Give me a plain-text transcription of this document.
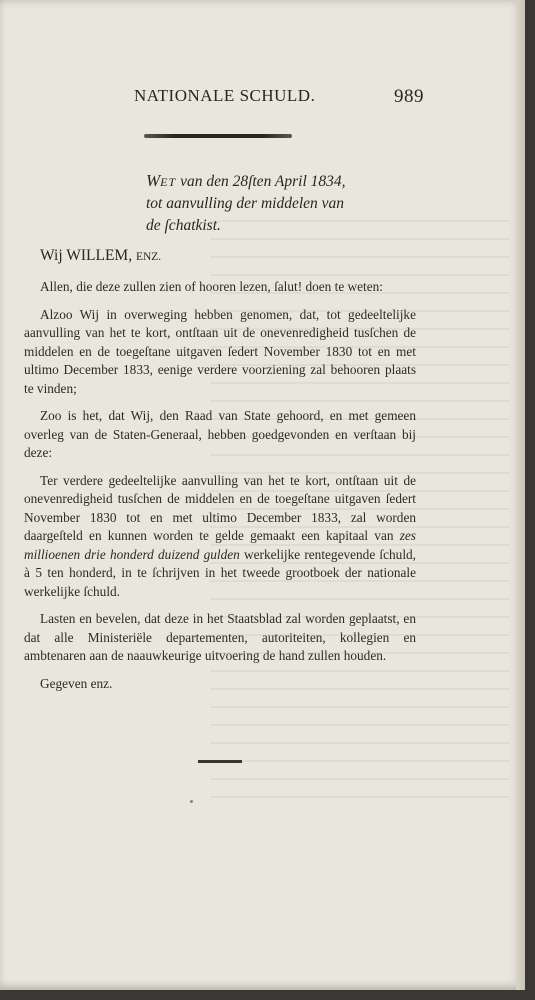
NATIONALE SCHULD.	989
WET van den 28ſten April 1834,
tot aanvulling der middelen van
de ſchatkist.
Wij WILLEM, ENZ.

Allen, die deze zullen zien of hooren lezen, ſalut! doen te weten:

Alzoo Wij in overweging hebben genomen, dat, tot gedeeltelijke aanvulling van het te kort, ontſtaan uit de onevenredigheid tusſchen de middelen en de toegeſtane uitgaven ſedert November 1830 tot en met ultimo December 1833, eenige verdere voorziening zal behooren plaats te vinden;

Zoo is het, dat Wij, den Raad van State gehoord, en met gemeen overleg van de Staten-Generaal, hebben goedgevonden en verſtaan bij deze:

Ter verdere gedeeltelijke aanvulling van het te kort, ontſtaan uit de onevenredigheid tusſchen de middelen en de toegeſtane uitgaven ſedert November 1830 tot en met ultimo December 1833, zal worden daargeſteld en kunnen worden te gelde gemaakt een kapitaal van zes millioenen drie honderd duizend gulden werkelijke rentegevende ſchuld, à 5 ten honderd, in te ſchrijven in het tweede grootboek der nationale werkelijke ſchuld.

Lasten en bevelen, dat deze in het Staatsblad zal worden geplaatst, en dat alle Ministeriële departementen, autoriteiten, kollegien en ambtenaren aan de naauwkeurige uitvoering de hand zullen houden.

Gegeven enz.
